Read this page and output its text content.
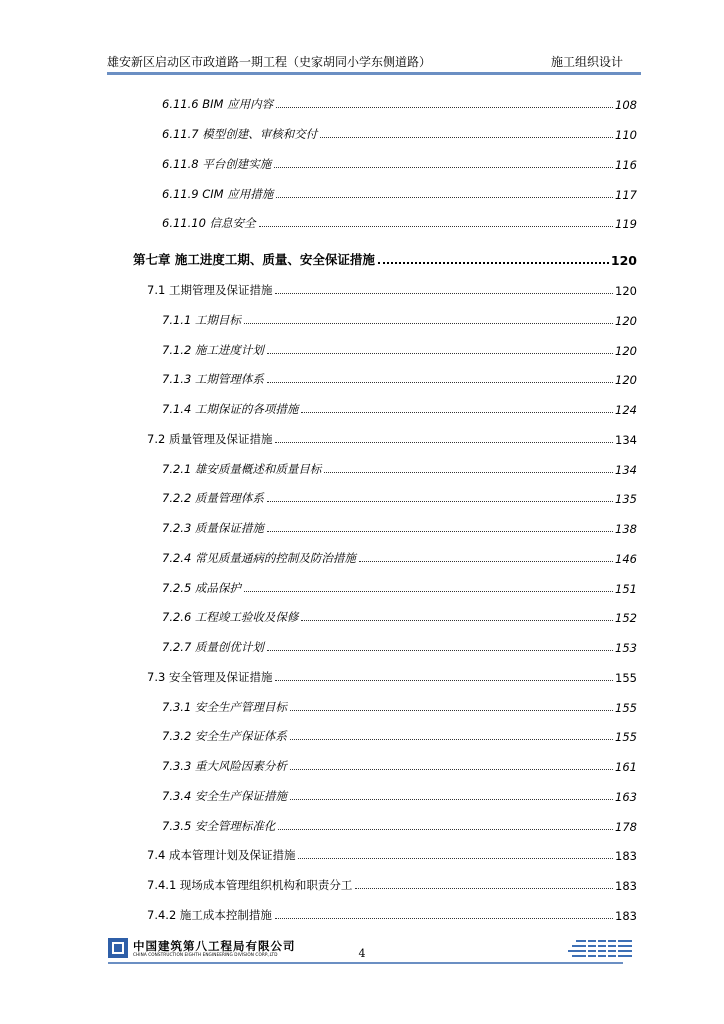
雄安新区启动区市政道路一期工程（史家胡同小学东侧道路）	施工组织设计
6.11.6 BIM 应用内容	108
6.11.7 模型创建、审核和交付	110
6.11.8 平台创建实施	116
6.11.9 CIM 应用措施	117
6.11.10 信息安全	119
第七章 施工进度工期、质量、安全保证措施	120
7.1 工期管理及保证措施	120
7.1.1 工期目标	120
7.1.2 施工进度计划	120
7.1.3 工期管理体系	120
7.1.4 工期保证的各项措施	124
7.2 质量管理及保证措施	134
7.2.1 雄安质量概述和质量目标	134
7.2.2 质量管理体系	135
7.2.3 质量保证措施	138
7.2.4 常见质量通病的控制及防治措施	146
7.2.5 成品保护	151
7.2.6 工程竣工验收及保修	152
7.2.7 质量创优计划	153
7.3 安全管理及保证措施	155
7.3.1 安全生产管理目标	155
7.3.2 安全生产保证体系	155
7.3.3 重大风险因素分析	161
7.3.4 安全生产保证措施	163
7.3.5 安全管理标准化	178
7.4 成本管理计划及保证措施	183
7.4.1 现场成本管理组织机构和职责分工	183
7.4.2 施工成本控制措施	183
中国建筑第八工程局有限公司
CHINA CONSTRUCTION EIGHTH ENGINEERING DIVISION CORP.,LTD	4
